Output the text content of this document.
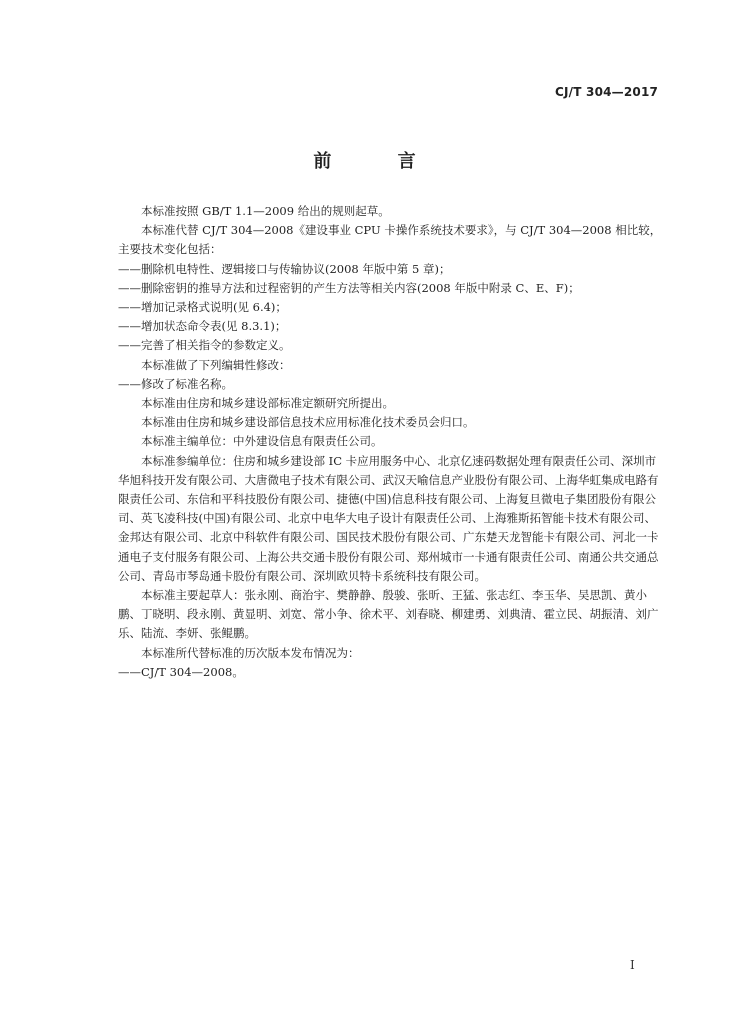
CJ/T 304—2017
前 言

本标准按照 GB/T 1.1—2009 给出的规则起草。

本标准代替 CJ/T 304—2008《建设事业 CPU 卡操作系统技术要求》，与 CJ/T 304—2008 相比较，主要技术变化包括：

——删除机电特性、逻辑接口与传输协议(2008 年版中第 5 章)；

——删除密钥的推导方法和过程密钥的产生方法等相关内容(2008 年版中附录 C、E、F)；

——增加记录格式说明(见 6.4)；

——增加状态命令表(见 8.3.1)；

——完善了相关指令的参数定义。

本标准做了下列编辑性修改：

——修改了标准名称。

本标准由住房和城乡建设部标准定额研究所提出。

本标准由住房和城乡建设部信息技术应用标准化技术委员会归口。

本标准主编单位：中外建设信息有限责任公司。

本标准参编单位：住房和城乡建设部 IC 卡应用服务中心、北京亿速码数据处理有限责任公司、深圳市华旭科技开发有限公司、大唐微电子技术有限公司、武汉天喻信息产业股份有限公司、上海华虹集成电路有限责任公司、东信和平科技股份有限公司、捷德(中国)信息科技有限公司、上海复旦微电子集团股份有限公司、英飞凌科技(中国)有限公司、北京中电华大电子设计有限责任公司、上海雅斯拓智能卡技术有限公司、金邦达有限公司、北京中科软件有限公司、国民技术股份有限公司、广东楚天龙智能卡有限公司、河北一卡通电子支付服务有限公司、上海公共交通卡股份有限公司、郑州城市一卡通有限责任公司、南通公共交通总公司、青岛市琴岛通卡股份有限公司、深圳欧贝特卡系统科技有限公司。

本标准主要起草人：张永刚、商治宇、樊静静、殷骏、张昕、王猛、张志红、李玉华、吴思凯、黄小鹏、丁晓明、段永刚、黄显明、刘宽、常小争、徐术平、刘春晓、柳建勇、刘典清、霍立民、胡振清、刘广乐、陆流、李妍、张鲲鹏。

本标准所代替标准的历次版本发布情况为：

——CJ/T 304—2008。

I
